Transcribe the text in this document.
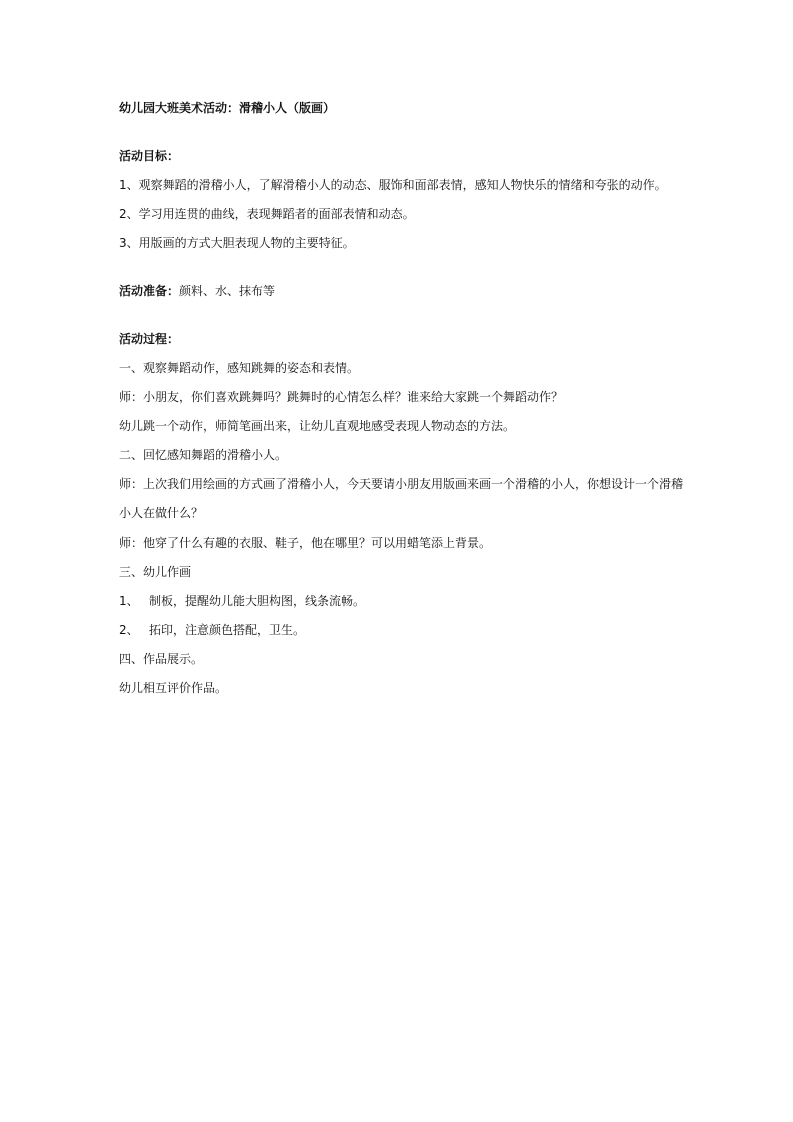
幼儿园大班美术活动：滑稽小人（版画）
活动目标：
1、观察舞蹈的滑稽小人，了解滑稽小人的动态、服饰和面部表情，感知人物快乐的情绪和夸张的动作。
2、学习用连贯的曲线，表现舞蹈者的面部表情和动态。
3、用版画的方式大胆表现人物的主要特征。
活动准备：颜料、水、抹布等
活动过程：
一、观察舞蹈动作，感知跳舞的姿态和表情。
师：小朋友，你们喜欢跳舞吗？跳舞时的心情怎么样？谁来给大家跳一个舞蹈动作？
幼儿跳一个动作，师简笔画出来，让幼儿直观地感受表现人物动态的方法。
二、回忆感知舞蹈的滑稽小人。
师：上次我们用绘画的方式画了滑稽小人，今天要请小朋友用版画来画一个滑稽的小人，你想设计一个滑稽小人在做什么？
师：他穿了什么有趣的衣服、鞋子，他在哪里？可以用蜡笔添上背景。
三、幼儿作画
1、 制板，提醒幼儿能大胆构图，线条流畅。
2、 拓印，注意颜色搭配，卫生。
四、作品展示。
幼儿相互评价作品。
